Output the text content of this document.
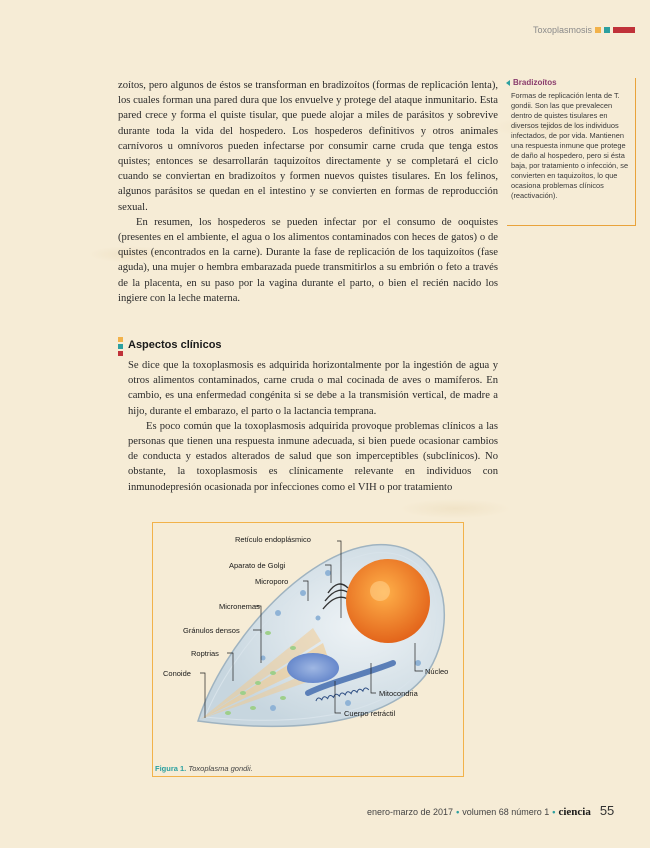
Toxoplasmosis

zoítos, pero algunos de éstos se transforman en bradizoítos (formas de replicación lenta), los cuales forman una pared dura que los envuelve y protege del ataque inmunitario. Esta pared crece y forma el quiste tisular, que puede alojar a miles de parásitos y sobrevive durante toda la vida del hospedero. Los hospederos definitivos y otros animales carnívoros u omnívoros pueden infectarse por consumir carne cruda que tenga estos quistes; entonces se desarrollarán taquizoítos directamente y se completará el ciclo cuando se conviertan en bradizoítos y formen nuevos quistes tisulares. En los felinos, algunos parásitos se quedan en el intestino y se convierten en formas de reproducción sexual.

En resumen, los hospederos se pueden infectar por el consumo de ooquistes (presentes en el ambiente, el agua o los alimentos contaminados con heces de gatos) o de quistes (encontrados en la carne). Durante la fase de replicación de los taquizoítos (fase aguda), una mujer o hembra embarazada puede transmitirlos a su embrión o feto a través de la placenta, en su paso por la vagina durante el parto, o bien el recién nacido los ingiere con la leche materna.

Bradizoítos
Formas de replicación lenta de T. gondii. Son las que prevalecen dentro de quistes tisulares en diversos tejidos de los individuos infectados, de por vida. Mantienen una respuesta inmune que protege de daño al hospedero, pero si ésta baja, por tratamiento o infección, se convierten en taquizoítos, lo que ocasiona problemas clínicos (reactivación).
Aspectos clínicos

Se dice que la toxoplasmosis es adquirida horizontalmente por la ingestión de agua y otros alimentos contaminados, carne cruda o mal cocinada de aves o mamíferos. En cambio, es una enfermedad congénita si se debe a la transmisión vertical, de madre a hijo, durante el embarazo, el parto o la lactancia temprana.

Es poco común que la toxoplasmosis adquirida provoque problemas clínicos a las personas que tienen una respuesta inmune adecuada, si bien puede ocasionar cambios de conducta y estados alterados de salud que son imperceptibles (subclínicos). No obstante, la toxoplasmosis es clínicamente relevante en individuos con inmunodepresión ocasionada por infecciones como el VIH o por tratamiento

Retículo endoplásmico
Aparato de Golgi
Microporo
Micronemas
Gránulos densos
Roptrias
Conoide	Núcleo
Mitocondria
Cuerpo retráctil
Figura 1. Toxoplasma gondii.
enero-marzo de 2017 • volumen 68 número 1 • ciencia 55
